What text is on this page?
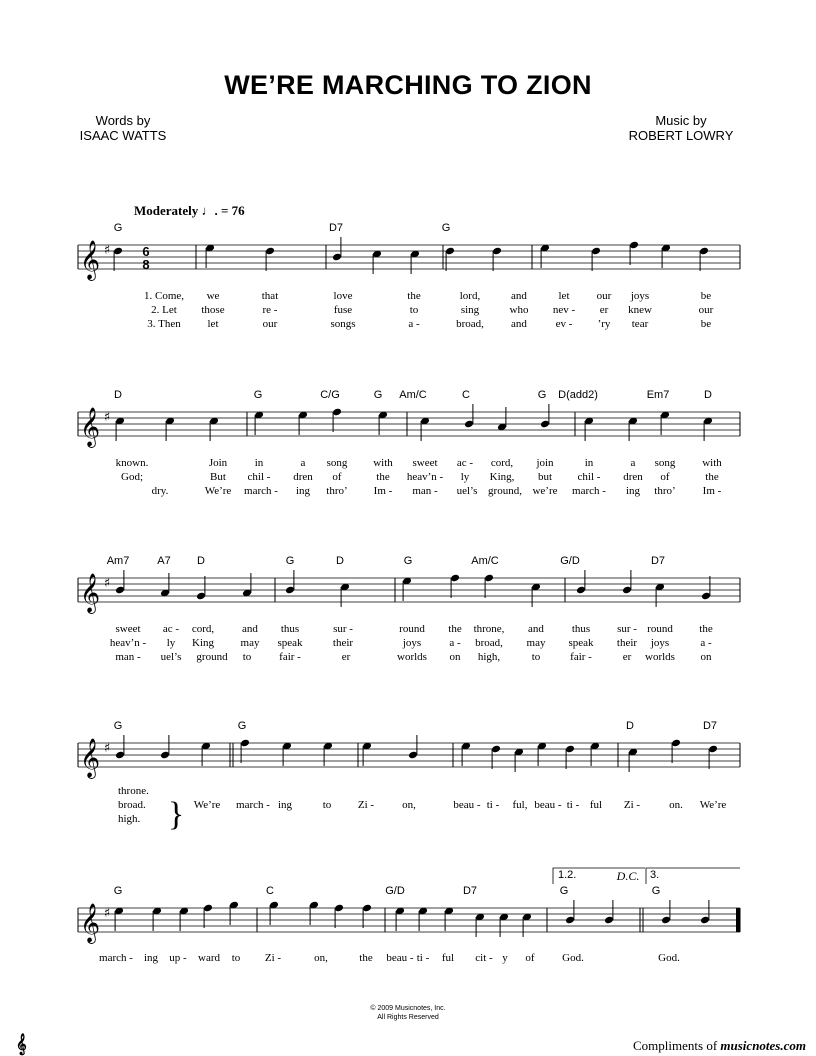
WE’RE MARCHING TO ZION
Words by
ISAAC WATTS
Music by
ROBERT LOWRY
Moderately ♩. = 76
𝄞 ♯ 6
8
G	D7	G
1. Come, we	that	love	the	lord,	and	let our joys	be
2. Let those	re -	fuse	to	sing	who nev - er knew	our
3. Then let	our	songs	a -	broad, and	ev - ’ry tear	be
𝄞 ♯
D	G	C/G	G Am/C	C	G D(add2)	Em7	D
known.	Join	in	a song with sweet ac - cord, join	in	a song with
God;	But chil - dren of	the heav’n - ly King, but chil - dren of	the
dry.	We’re march - ing thro’ Im - man - uel’s ground, we’re march - ing thro’ Im -
𝄞 ♯
Am7	A7 D	G	D	G	Am/C	G/D	D7
sweet ac - cord,	and thus	sur -	round the throne, and	thus sur - round the
heav’n - ly King may speak	their	joys	a - broad, may speak their joys	a -
man - uel’s ground to	fair -	er	worlds on high,	to	fair -	er worlds on
𝄞 ♯
G	G	D	D7
throne.
broad.
high. } We’re march - ing	to Zi -	on,	beau - ti - ful, beau - ti - ful Zi -	on. We’re
𝄞 ♯
G	C	G/D	D7	G	G
march - ing up - ward to Zi -	on,	the beau - ti - ful cit - y of	God.	God.
1.2.	D.C. 3.
© 2009 Musicnotes, Inc.
All Rights Reserved
𝄞	Compliments of musicnotes.com
